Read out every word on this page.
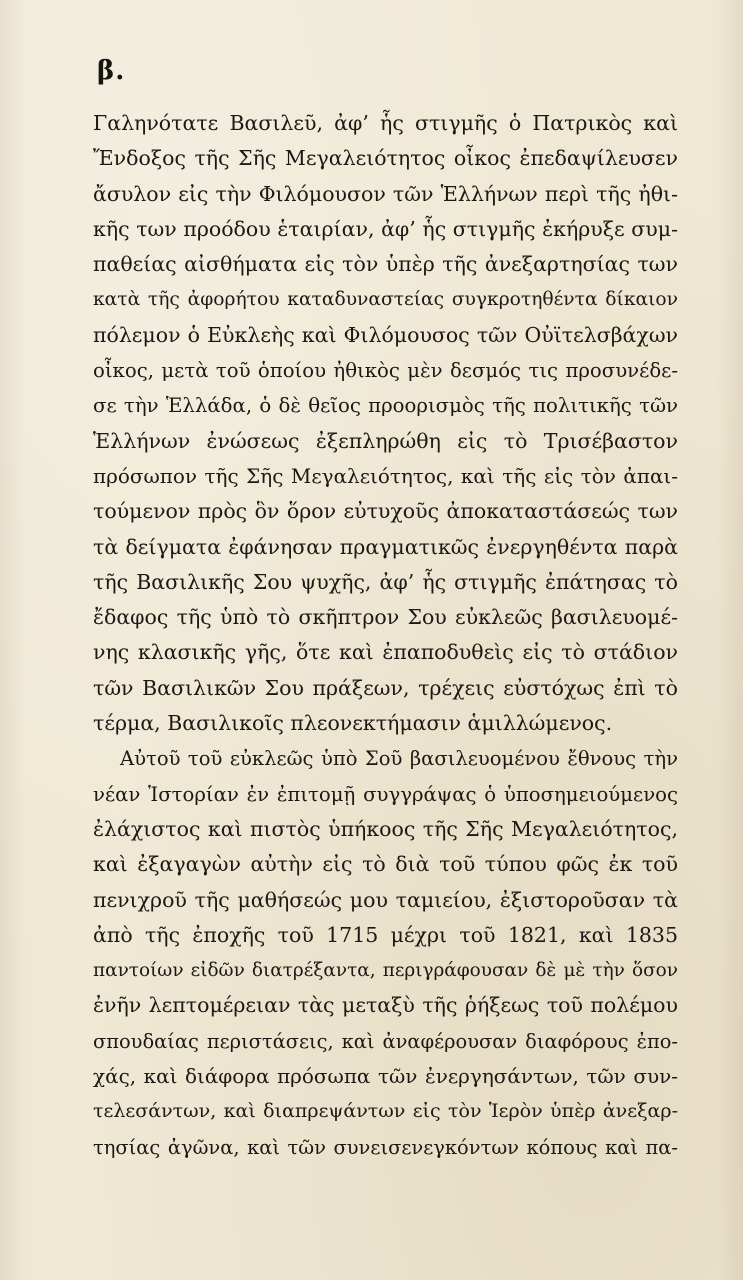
β.
Γαληνότατε Βασιλεῦ, ἀφ’ ἧς στιγμῆς ὁ Πατρικὸς καὶ
Ἔνδοξος τῆς Σῆς Μεγαλειότητος οἶκος ἐπεδαψίλευσεν
ἄσυλον εἰς τὴν Φιλόμουσον τῶν Ἑλλήνων περὶ τῆς ἠθι-
κῆς των προόδου ἑταιρίαν, ἀφ’ ἧς στιγμῆς ἐκήρυξε συμ-
παθείας αἰσθήματα εἰς τὸν ὑπὲρ τῆς ἀνεξαρτησίας των
κατὰ τῆς ἀφορήτου καταδυναστείας συγκροτηθέντα δίκαιον
πόλεμον ὁ Εὐκλεὴς καὶ Φιλόμουσος τῶν Οὐϊτελσβάχων
οἶκος, μετὰ τοῦ ὁποίου ἠθικὸς μὲν δεσμός τις προσυνέδε-
σε τὴν Ἑλλάδα, ὁ δὲ θεῖος προορισμὸς τῆς πολιτικῆς τῶν
Ἑλλήνων ἐνώσεως ἐξεπληρώθη εἰς τὸ Τρισέβαστον
πρόσωπον τῆς Σῆς Μεγαλειότητος, καὶ τῆς εἰς τὸν ἀπαι-
τούμενον πρὸς ὃν ὅρον εὐτυχοῦς ἀποκαταστάσεώς των
τὰ δείγματα ἐφάνησαν πραγματικῶς ἐνεργηθέντα παρὰ
τῆς Βασιλικῆς Σου ψυχῆς, ἀφ’ ἧς στιγμῆς ἐπάτησας τὸ
ἔδαφος τῆς ὑπὸ τὸ σκῆπτρον Σου εὐκλεῶς βασιλευομέ-
νης κλασικῆς γῆς, ὅτε καὶ ἐπαποδυθεὶς εἰς τὸ στάδιον
τῶν Βασιλικῶν Σου πράξεων, τρέχεις εὐστόχως ἐπὶ τὸ
τέρμα, Βασιλικοῖς πλεονεκτήμασιν ἁμιλλώμενος.
Αὐτοῦ τοῦ εὐκλεῶς ὑπὸ Σοῦ βασιλευομένου ἔθνους τὴν
νέαν Ἱστορίαν ἐν ἐπιτομῇ συγγράψας ὁ ὑποσημειούμενος
ἐλάχιστος καὶ πιστὸς ὑπήκοος τῆς Σῆς Μεγαλειότητος,
καὶ ἐξαγαγὼν αὐτὴν εἰς τὸ διὰ τοῦ τύπου φῶς ἐκ τοῦ
πενιχροῦ τῆς μαθήσεώς μου ταμιείου, ἐξιστοροῦσαν τὰ
ἀπὸ τῆς ἐποχῆς τοῦ 1715 μέχρι τοῦ 1821, καὶ 1835
παντοίων εἰδῶν διατρέξαντα, περιγράφουσαν δὲ μὲ τὴν ὅσον
ἐνῆν λεπτομέρειαν τὰς μεταξὺ τῆς ῥήξεως τοῦ πολέμου
σπουδαίας περιστάσεις, καὶ ἀναφέρουσαν διαφόρους ἐπο-
χάς, καὶ διάφορα πρόσωπα τῶν ἐνεργησάντων, τῶν συν-
τελεσάντων, καὶ διαπρεψάντων εἰς τὸν Ἱερὸν ὑπὲρ ἀνεξαρ-
τησίας ἀγῶνα, καὶ τῶν συνεισενεγκόντων κόπους καὶ πα-
